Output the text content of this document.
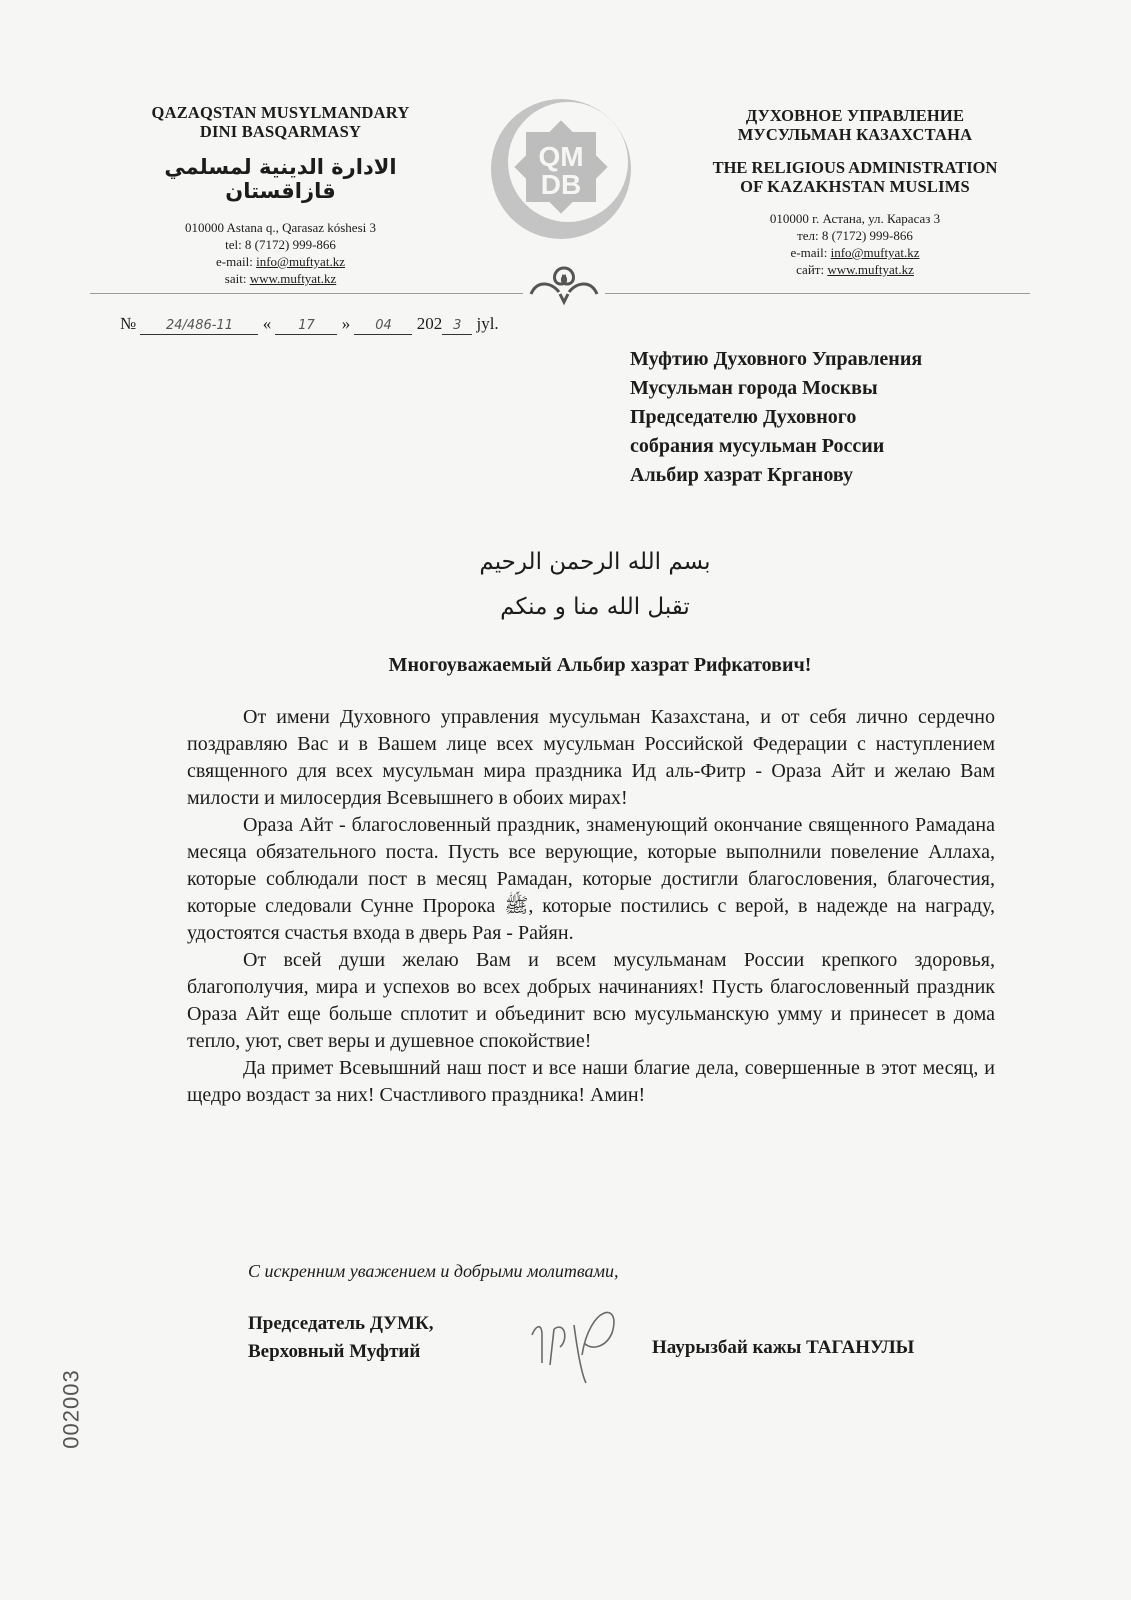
QAZAQSTAN MUSYLMANDARY
DINI BASQARMASY
الادارة الدينية لمسلمي قازاقستان
010000 Astana q., Qarasaz kóshesi 3
tel: 8 (7172) 999-866
e-mail: info@muftyat.kz
sait: www.muftyat.kz
QM
DB
ДУХОВНОЕ УПРАВЛЕНИЕ
МУСУЛЬМАН КАЗАХСТАНА
THE RELIGIOUS ADMINISTRATION
OF KAZAKHSTAN MUSLIMS
010000 г. Астана, ул. Карасаз 3
тел: 8 (7172) 999-866
e-mail: info@muftyat.kz
сайт: www.muftyat.kz
№ 24/486-11 « 17 » 04 202 3 jyl.
Муфтию Духовного Управления
Мусульман города Москвы
Председателю Духовного
собрания мусульман России
Альбир хазрат Крганову
بسم الله الرحمن الرحيم
تقبل الله منا و منكم
Многоуважаемый Альбир хазрат Рифкатович!

От имени Духовного управления мусульман Казахстана, и от себя лично сердечно поздравляю Вас и в Вашем лице всех мусульман Российской Федерации с наступлением священного для всех мусульман мира праздника Ид аль-Фитр - Ораза Айт и желаю Вам милости и милосердия Всевышнего в обоих мирах!

Ораза Айт - благословенный праздник, знаменующий окончание священного Рамадана месяца обязательного поста. Пусть все верующие, которые выполнили повеление Аллаха, которые соблюдали пост в месяц Рамадан, которые достигли благословения, благочестия, которые следовали Сунне Пророка ﷺ, которые постились с верой, в надежде на награду, удостоятся счастья входа в дверь Рая - Райян.

От всей души желаю Вам и всем мусульманам России крепкого здоровья, благополучия, мира и успехов во всех добрых начинаниях! Пусть благословенный праздник Ораза Айт еще больше сплотит и объединит всю мусульманскую умму и принесет в дома тепло, уют, свет веры и душевное спокойствие!

Да примет Всевышний наш пост и все наши благие дела, совершенные в этот месяц, и щедро воздаст за них! Счастливого праздника! Амин!

С искренним уважением и добрыми молитвами,
Председатель ДУМК,
Верховный Муфтий	Наурызбай кажы ТАГАНУЛЫ
002003
